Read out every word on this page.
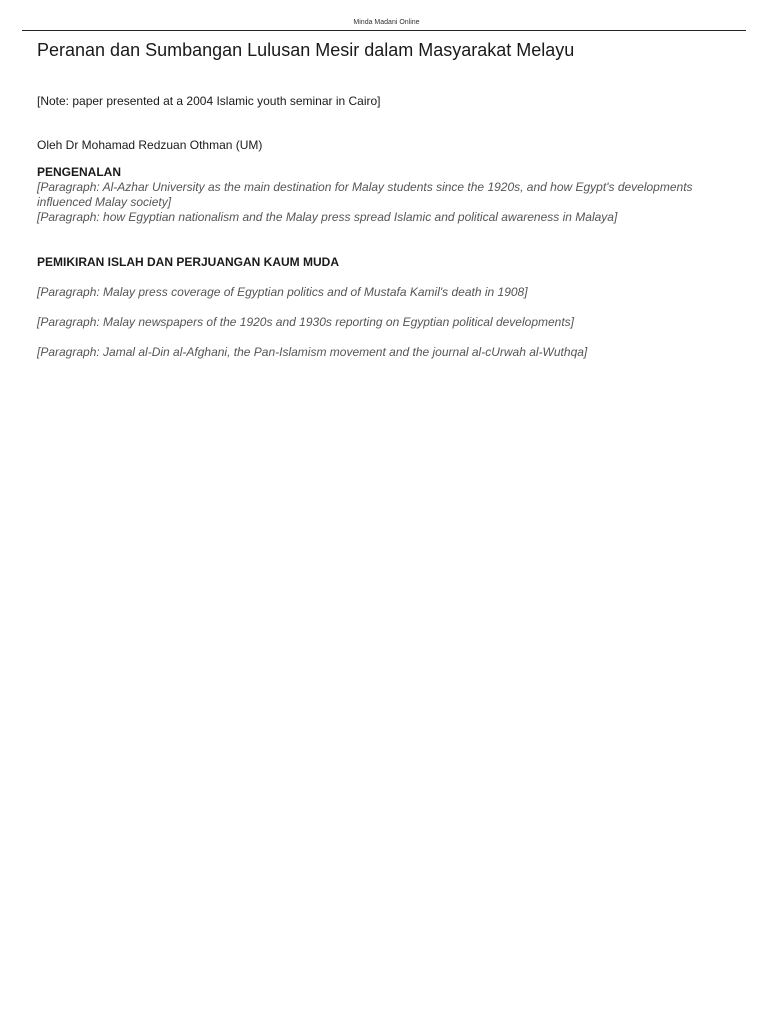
Minda Madani Online
Peranan dan Sumbangan Lulusan Mesir dalam Masyarakat Melayu

[Note: paper presented at a 2004 Islamic youth seminar in Cairo]

Oleh Dr Mohamad Redzuan Othman (UM)

PENGENALAN

[Paragraph: Al-Azhar University as the main destination for Malay students since the 1920s, and how Egypt's developments influenced Malay society]

[Paragraph: how Egyptian nationalism and the Malay press spread Islamic and political awareness in Malaya]

PEMIKIRAN ISLAH DAN PERJUANGAN KAUM MUDA

[Paragraph: Malay press coverage of Egyptian politics and of Mustafa Kamil's death in 1908]

[Paragraph: Malay newspapers of the 1920s and 1930s reporting on Egyptian political developments]

[Paragraph: Jamal al-Din al-Afghani, the Pan-Islamism movement and the journal al-cUrwah al-Wuthqa]
